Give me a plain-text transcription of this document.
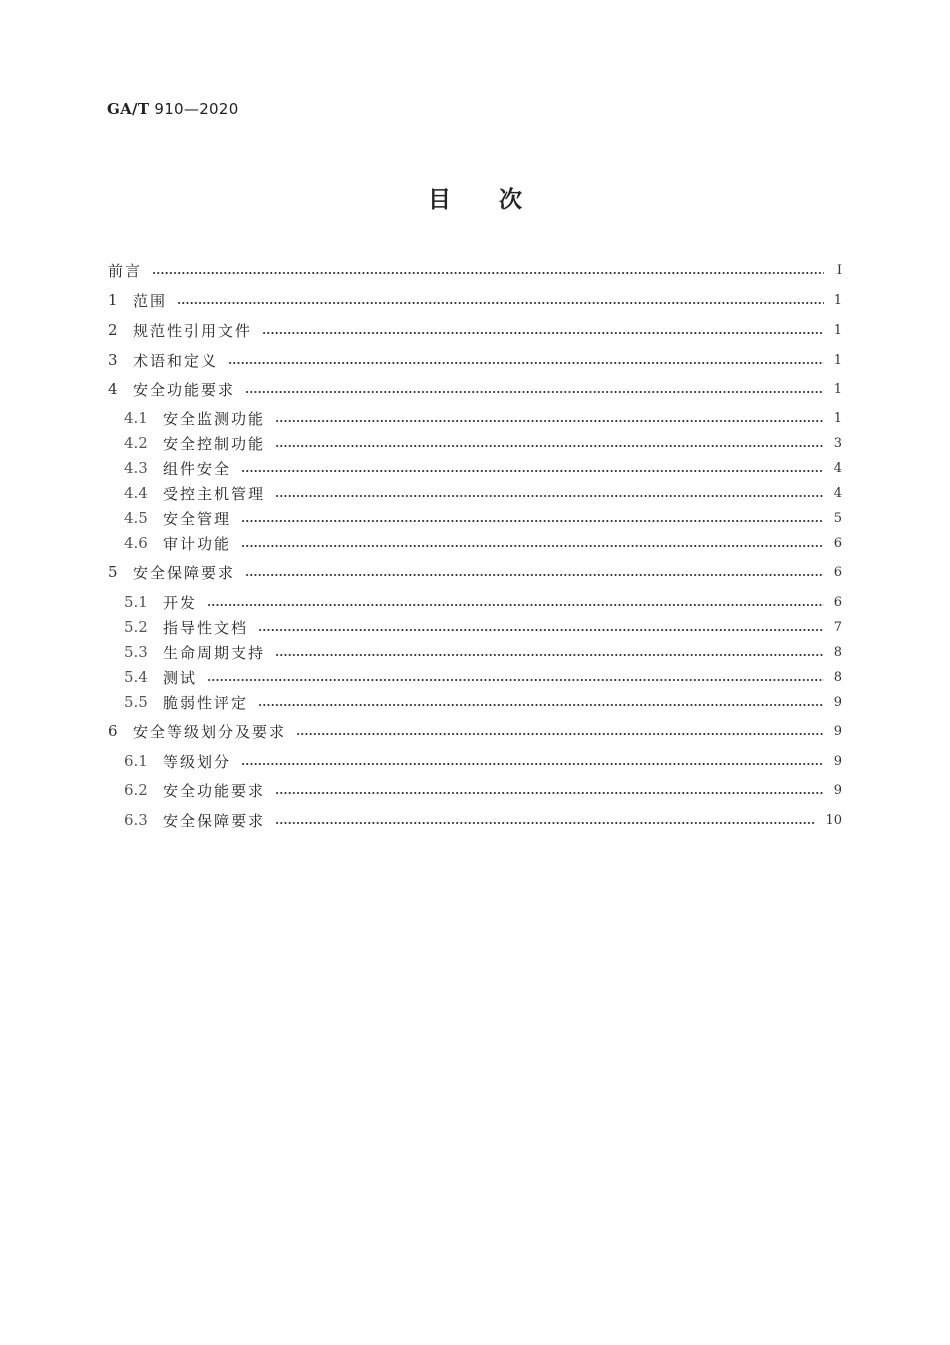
GA/T 910—2020
目 次
前言	I
1	范围	1
2	规范性引用文件	1
3	术语和定义	1
4	安全功能要求	1
4.1	安全监测功能	1
4.2	安全控制功能	3
4.3	组件安全	4
4.4	受控主机管理	4
4.5	安全管理	5
4.6	审计功能	6
5	安全保障要求	6
5.1	开发	6
5.2	指导性文档	7
5.3	生命周期支持	8
5.4	测试	8
5.5	脆弱性评定	9
6	安全等级划分及要求	9
6.1	等级划分	9
6.2	安全功能要求	9
6.3	安全保障要求	10
